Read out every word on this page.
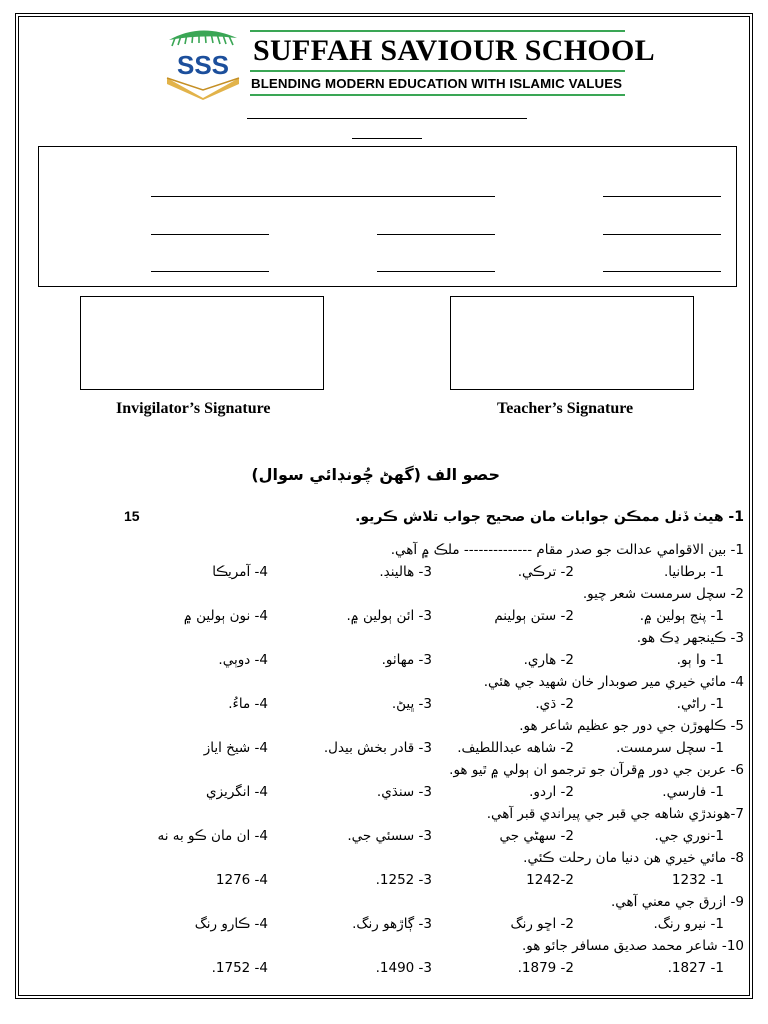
SSS SUFFAH SAVIOUR SCHOOL
BLENDING MODERN EDUCATION WITH ISLAMIC VALUES
Invigilator’s Signature	Teacher’s Signature
حصو الف (گھڻ چُونڊائي سوال)
1- هيٺ ڏنل ممڪن جوابات مان صحيح جواب تلاش ڪريو.
15
1- بين الاقوامي عدالت جو صدر مقام -------------- ملڪ ۾ آهي.
1- برطانيا.
2- ترڪي.
3- هالينڊ.
4- آمريڪا
2- سچل سرمست شعر چيو.
1- پنج ٻولين ۾.
2- ستن ٻولينم
3- ائن ٻولين ۾.
4- نون ٻولين ۾
3- ڪينجهر ڍڪ هو.
1- وا ٻو.
2- هاري.
3- مهاٺو.
4- دوٻي.
4- مائي خيري مير صوبدار خان شهيد جي هئي.
1- راڻي.
2- ڌي.
3- ڀيڻ.
4- ماءُ.
5- ڪلهوڙن جي دور جو عظيم شاعر هو.
1- سچل سرمست.
2- شاهه عبداللطيف.
3- قادر بخش بيدل.
4- شيخ اياز
6- عربن جي دور ۾قرآن جو ترجمو ان ٻولي ۾ ٿيو هو.
1- فارسي.
2- اردو.
3- سنڌي.
4- انگريزي
7-هوندڙي شاهه جي قبر جي پيراندي قبر آهي.
1-نوري جي.
2- سهڻي جي
3- سسئي جي.
4- ان مان ڪو به نه
8- مائي خيري هن دنيا مان رحلت ڪئي.
1232 -1
1242-2
.1252 -3
1276 -4
9- ازرق جي معني آهي.
1- نيرو رنگ.
2- اڇو رنگ
3- ڳاڙهو رنگ.
4- ڪارو رنگ
10- شاعر محمد صديق مسافر جائو هو.
.1827 -1
.1879 -2
.1490 -3
.1752 -4
